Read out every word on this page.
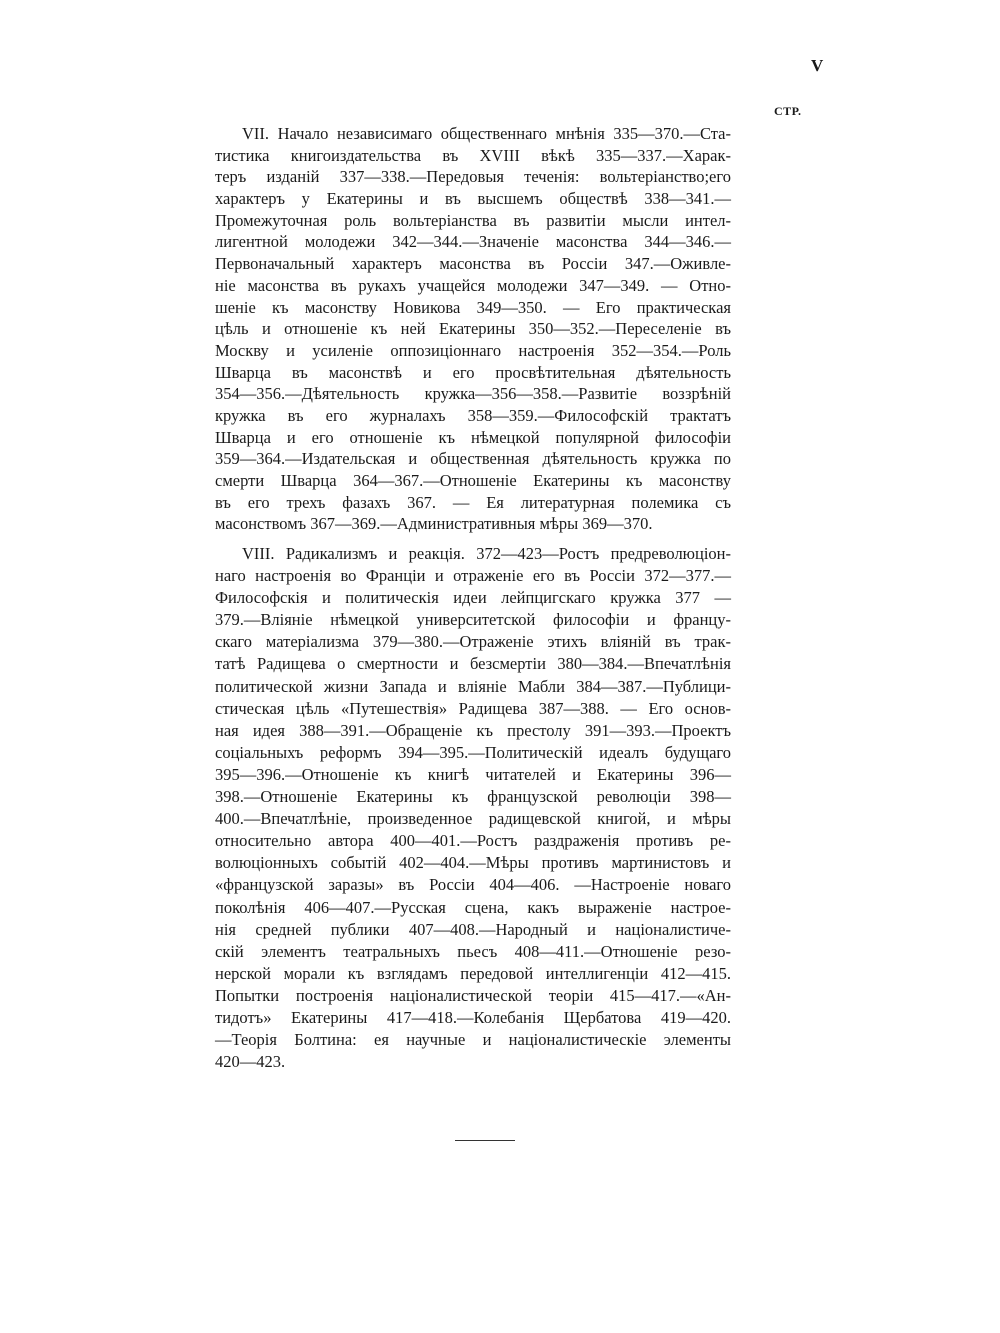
V
СТР.
VII. Начало независимаго общественнаго мнѣнія 335—370.—Ста-
тистика книгоиздательства въ XVIII вѣкѣ 335—337.—Харак-
теръ изданій 337—338.—Передовыя теченія: вольтеріанство;его
характеръ у Екатерины и въ высшемъ обществѣ 338—341.—
Промежуточная роль вольтеріанства въ развитіи мысли интел-
лигентной молодежи 342—344.—Значеніе масонства 344—346.—
Первоначальный характеръ масонства въ Россіи 347.—Оживле-
ніе масонства въ рукахъ учащейся молодежи 347—349. — Отно-
шеніе къ масонству Новикова 349—350. — Его практическая
цѣль и отношеніе къ ней Екатерины 350—352.—Переселеніе въ
Москву и усиленіе оппозиціоннаго настроенія 352—354.—Роль
Шварца въ масонствѣ и его просвѣтительная дѣятельность
354—356.—Дѣятельность кружка—356—358.—Развитіе воззрѣній
кружка въ его журналахъ 358—359.—Философскій трактатъ
Шварца и его отношеніе къ нѣмецкой популярной философіи
359—364.—Издательская и общественная дѣятельность кружка по
смерти Шварца 364—367.—Отношеніе Екатерины къ масонству
въ его трехъ фазахъ 367. — Ея литературная полемика съ
масонствомъ 367—369.—Административныя мѣры 369—370.
VIII. Радикализмъ и реакція. 372—423—Ростъ предреволюціон-
наго настроенія во Франціи и отраженіе его въ Россіи 372—377.—
Философскія и политическія идеи лейпцигскаго кружка 377 —
379.—Вліяніе нѣмецкой университетской философіи и францу-
скаго матеріализма 379—380.—Отраженіе этихъ вліяній въ трак-
татѣ Радищева о смертности и безсмертіи 380—384.—Впечатлѣнія
политической жизни Запада и вліяніе Мабли 384—387.—Публици-
стическая цѣль «Путешествія» Радищева 387—388. — Его основ-
ная идея 388—391.—Обращеніе къ престолу 391—393.—Проектъ
соціальныхъ реформъ 394—395.—Политическій идеалъ будущаго
395—396.—Отношеніе къ книгѣ читателей и Екатерины 396—
398.—Отношеніе Екатерины къ французской революціи 398—
400.—Впечатлѣніе, произведенное радищевской книгой, и мѣры
относительно автора 400—401.—Ростъ раздраженія противъ ре-
волюціонныхъ событій 402—404.—Мѣры противъ мартинистовъ и
«французской заразы» въ Россіи 404—406. —Настроеніе новаго
поколѣнія 406—407.—Русская сцена, какъ выраженіе настрое-
нія средней публики 407—408.—Народный и націоналистиче-
скій элементъ театральныхъ пьесъ 408—411.—Отношеніе резо-
нерской морали къ взглядамъ передовой интеллигенціи 412—415.
Попытки построенія націоналистической теоріи 415—417.—«Ан-
тидотъ» Екатерины 417—418.—Колебанія Щербатова 419—420.
—Теорія Болтина: ея научные и націоналистическіе элементы
420—423.
